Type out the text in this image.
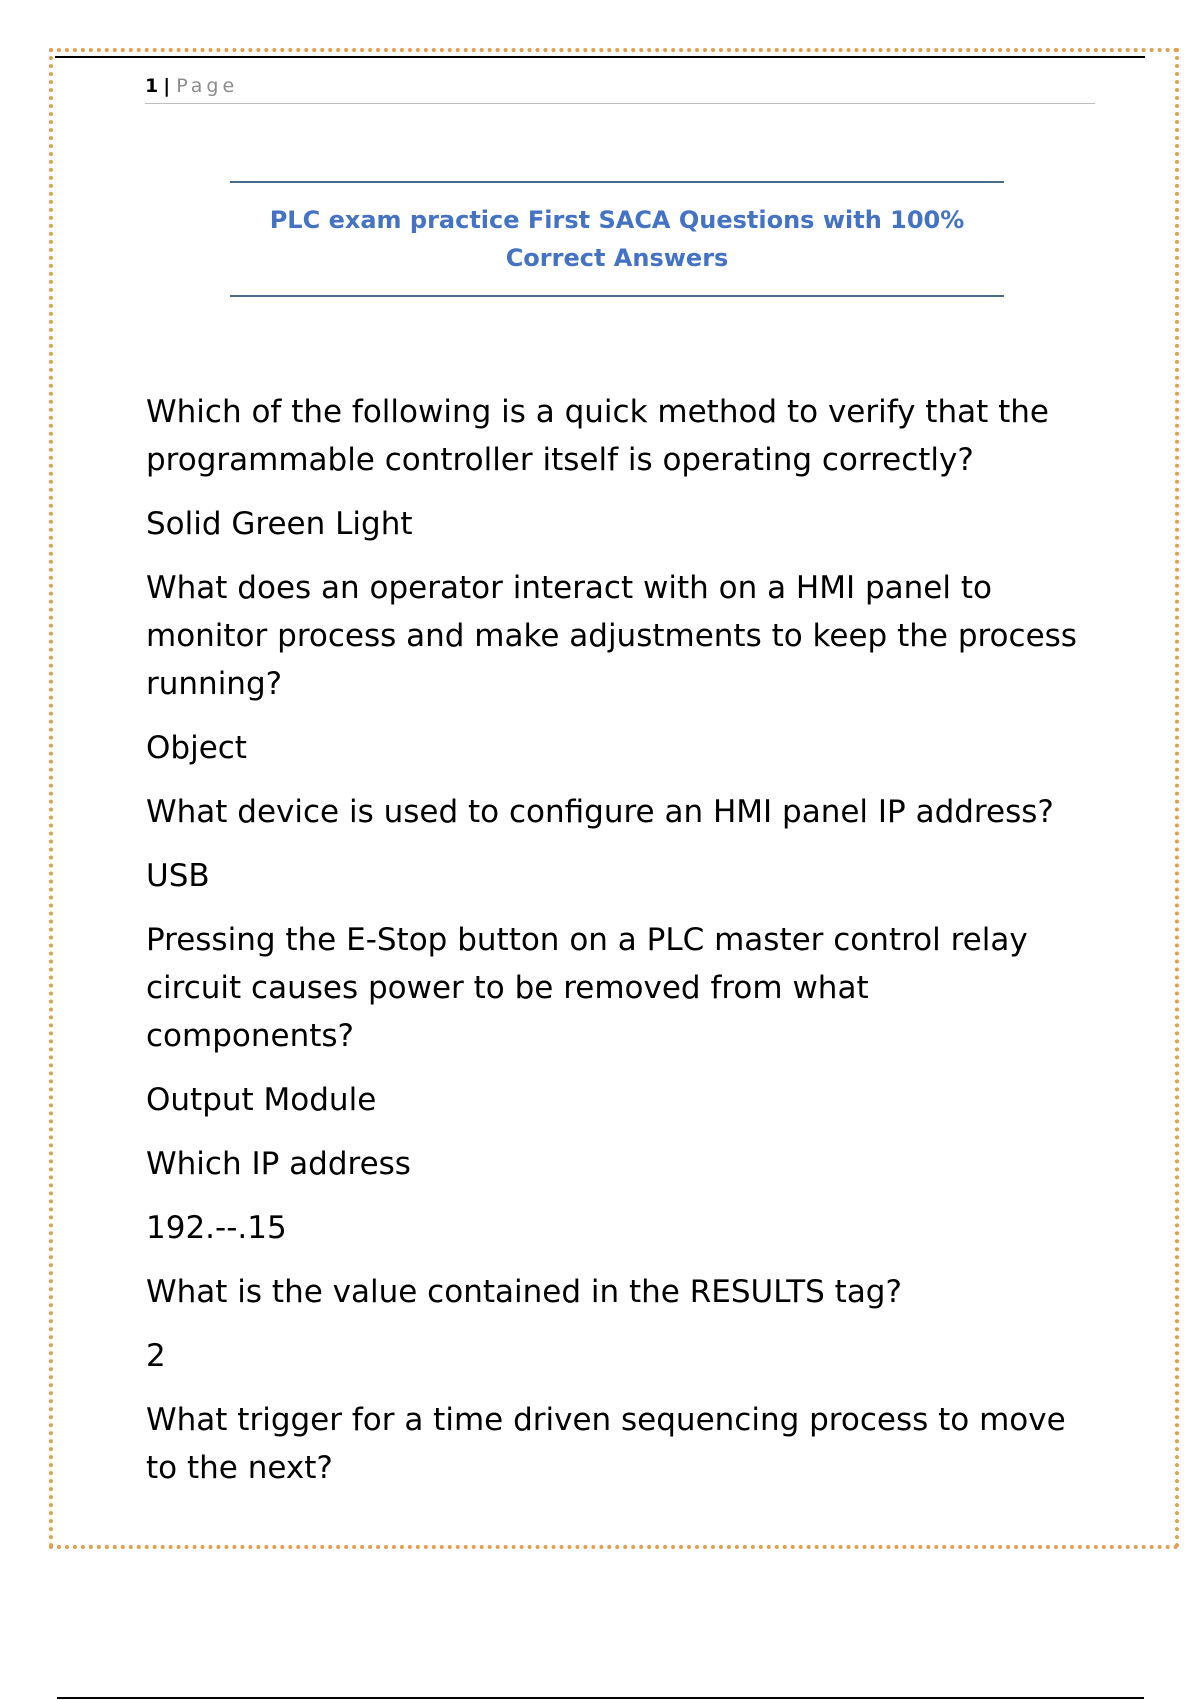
1 | Page

PLC exam practice First SACA Questions with 100% Correct Answers

Which of the following is a quick method to verify that the programmable controller itself is operating correctly?

Solid Green Light

What does an operator interact with on a HMI panel to monitor process and make adjustments to keep the process running?

Object

What device is used to configure an HMI panel IP address?

USB

Pressing the E-Stop button on a PLC master control relay circuit causes power to be removed from what components?

Output Module

Which IP address

192.--.15

What is the value contained in the RESULTS tag?

2

What trigger for a time driven sequencing process to move to the next?
